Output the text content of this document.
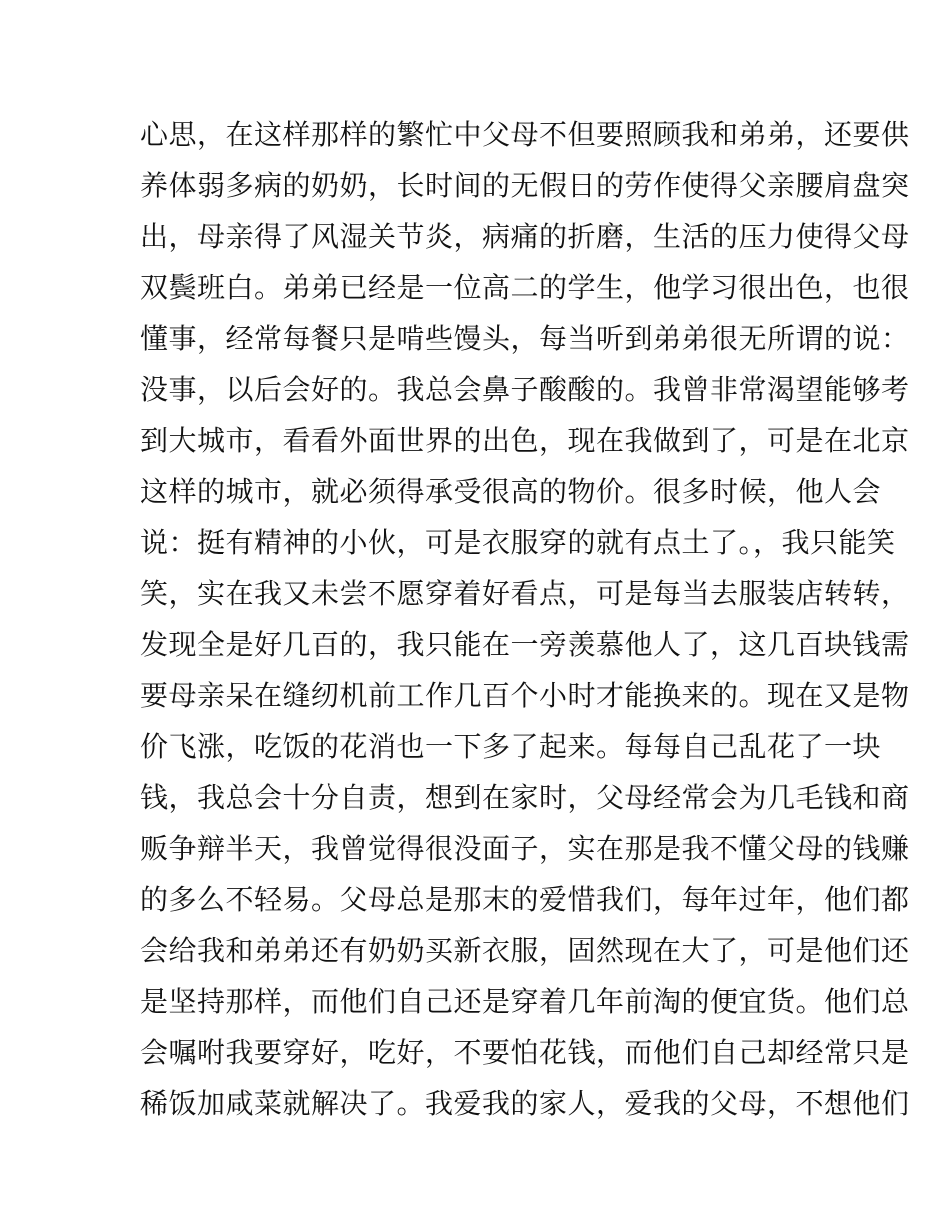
心思，在这样那样的繁忙中父母不但要照顾我和弟弟，还要供
养体弱多病的奶奶，长时间的无假日的劳作使得父亲腰肩盘突
出，母亲得了风湿关节炎，病痛的折磨，生活的压力使得父母
双鬓班白。弟弟已经是一位高二的学生，他学习很出色，也很
懂事，经常每餐只是啃些馒头，每当听到弟弟很无所谓的说：
没事，以后会好的。我总会鼻子酸酸的。我曾非常渴望能够考
到大城市，看看外面世界的出色，现在我做到了，可是在北京
这样的城市，就必须得承受很高的物价。很多时候，他人会
说：挺有精神的小伙，可是衣服穿的就有点土了。，我只能笑
笑，实在我又未尝不愿穿着好看点，可是每当去服装店转转，
发现全是好几百的，我只能在一旁羡慕他人了，这几百块钱需
要母亲呆在缝纫机前工作几百个小时才能换来的。现在又是物
价飞涨，吃饭的花消也一下多了起来。每每自己乱花了一块
钱，我总会十分自责，想到在家时，父母经常会为几毛钱和商
贩争辩半天，我曾觉得很没面子，实在那是我不懂父母的钱赚
的多么不轻易。父母总是那末的爱惜我们，每年过年，他们都
会给我和弟弟还有奶奶买新衣服，固然现在大了，可是他们还
是坚持那样，而他们自己还是穿着几年前淘的便宜货。他们总
会嘱咐我要穿好，吃好，不要怕花钱，而他们自己却经常只是
稀饭加咸菜就解决了。我爱我的家人，爱我的父母，不想他们
